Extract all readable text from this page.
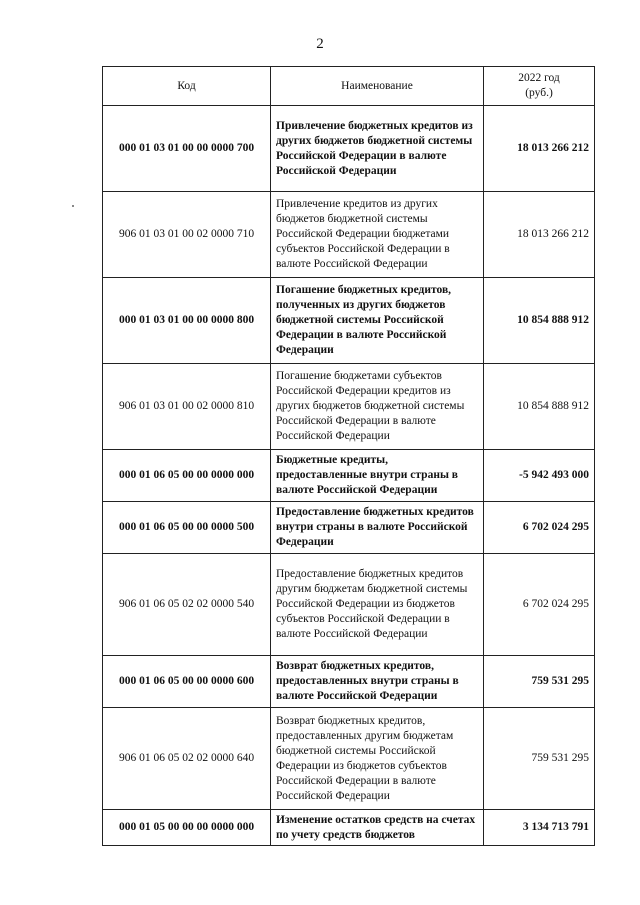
2
Код	Наименование	2022 год
(руб.)
000 01 03 01 00 00 0000 700	Привлечение бюджетных кредитов из других бюджетов бюджетной системы Российской Федерации в валюте Российской Федерации	18 013 266 212
906 01 03 01 00 02 0000 710	Привлечение кредитов из других бюджетов бюджетной системы Российской Федерации бюджетами субъектов Российской Федерации в валюте Российской Федерации	18 013 266 212
000 01 03 01 00 00 0000 800	Погашение бюджетных кредитов, полученных из других бюджетов бюджетной системы Российской Федерации в валюте Российской Федерации	10 854 888 912
906 01 03 01 00 02 0000 810	Погашение бюджетами субъектов Российской Федерации кредитов из других бюджетов бюджетной системы Российской Федерации в валюте Российской Федерации	10 854 888 912
000 01 06 05 00 00 0000 000	Бюджетные кредиты, предоставленные внутри страны в валюте Российской Федерации	-5 942 493 000
000 01 06 05 00 00 0000 500	Предоставление бюджетных кредитов внутри страны в валюте Российской Федерации	6 702 024 295
906 01 06 05 02 02 0000 540	Предоставление бюджетных кредитов другим бюджетам бюджетной системы Российской Федерации из бюджетов субъектов Российской Федерации в валюте Российской Федерации	6 702 024 295
000 01 06 05 00 00 0000 600	Возврат бюджетных кредитов, предоставленных внутри страны в валюте Российской Федерации	759 531 295
906 01 06 05 02 02 0000 640	Возврат бюджетных кредитов, предоставленных другим бюджетам бюджетной системы Российской Федерации из бюджетов субъектов Российской Федерации в валюте Российской Федерации	759 531 295
000 01 05 00 00 00 0000 000	Изменение остатков средств на счетах по учету средств бюджетов	3 134 713 791
